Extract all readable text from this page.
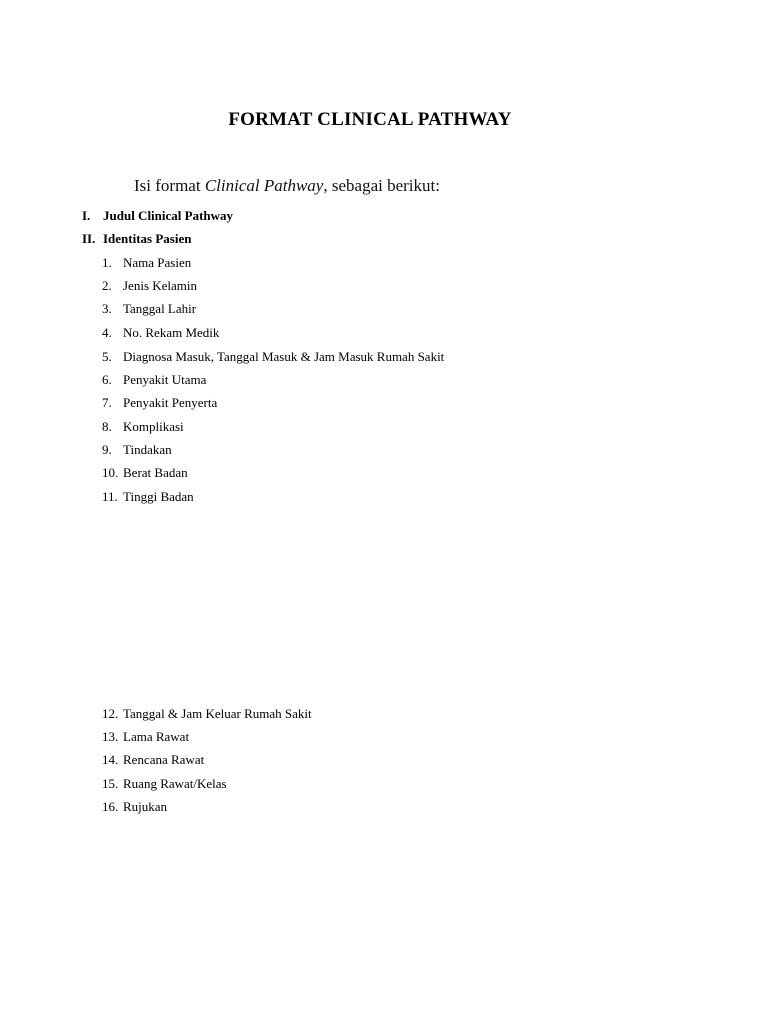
FORMAT CLINICAL PATHWAY
Isi format Clinical Pathway, sebagai berikut:
I. Judul Clinical Pathway
II. Identitas Pasien
1. Nama Pasien
2. Jenis Kelamin
3. Tanggal Lahir
4. No. Rekam Medik
5. Diagnosa Masuk, Tanggal Masuk & Jam Masuk Rumah Sakit
6. Penyakit Utama
7. Penyakit Penyerta
8. Komplikasi
9. Tindakan
10. Berat Badan
11. Tinggi Badan
12. Tanggal & Jam Keluar Rumah Sakit
13. Lama Rawat
14. Rencana Rawat
15. Ruang Rawat/Kelas
16. Rujukan
